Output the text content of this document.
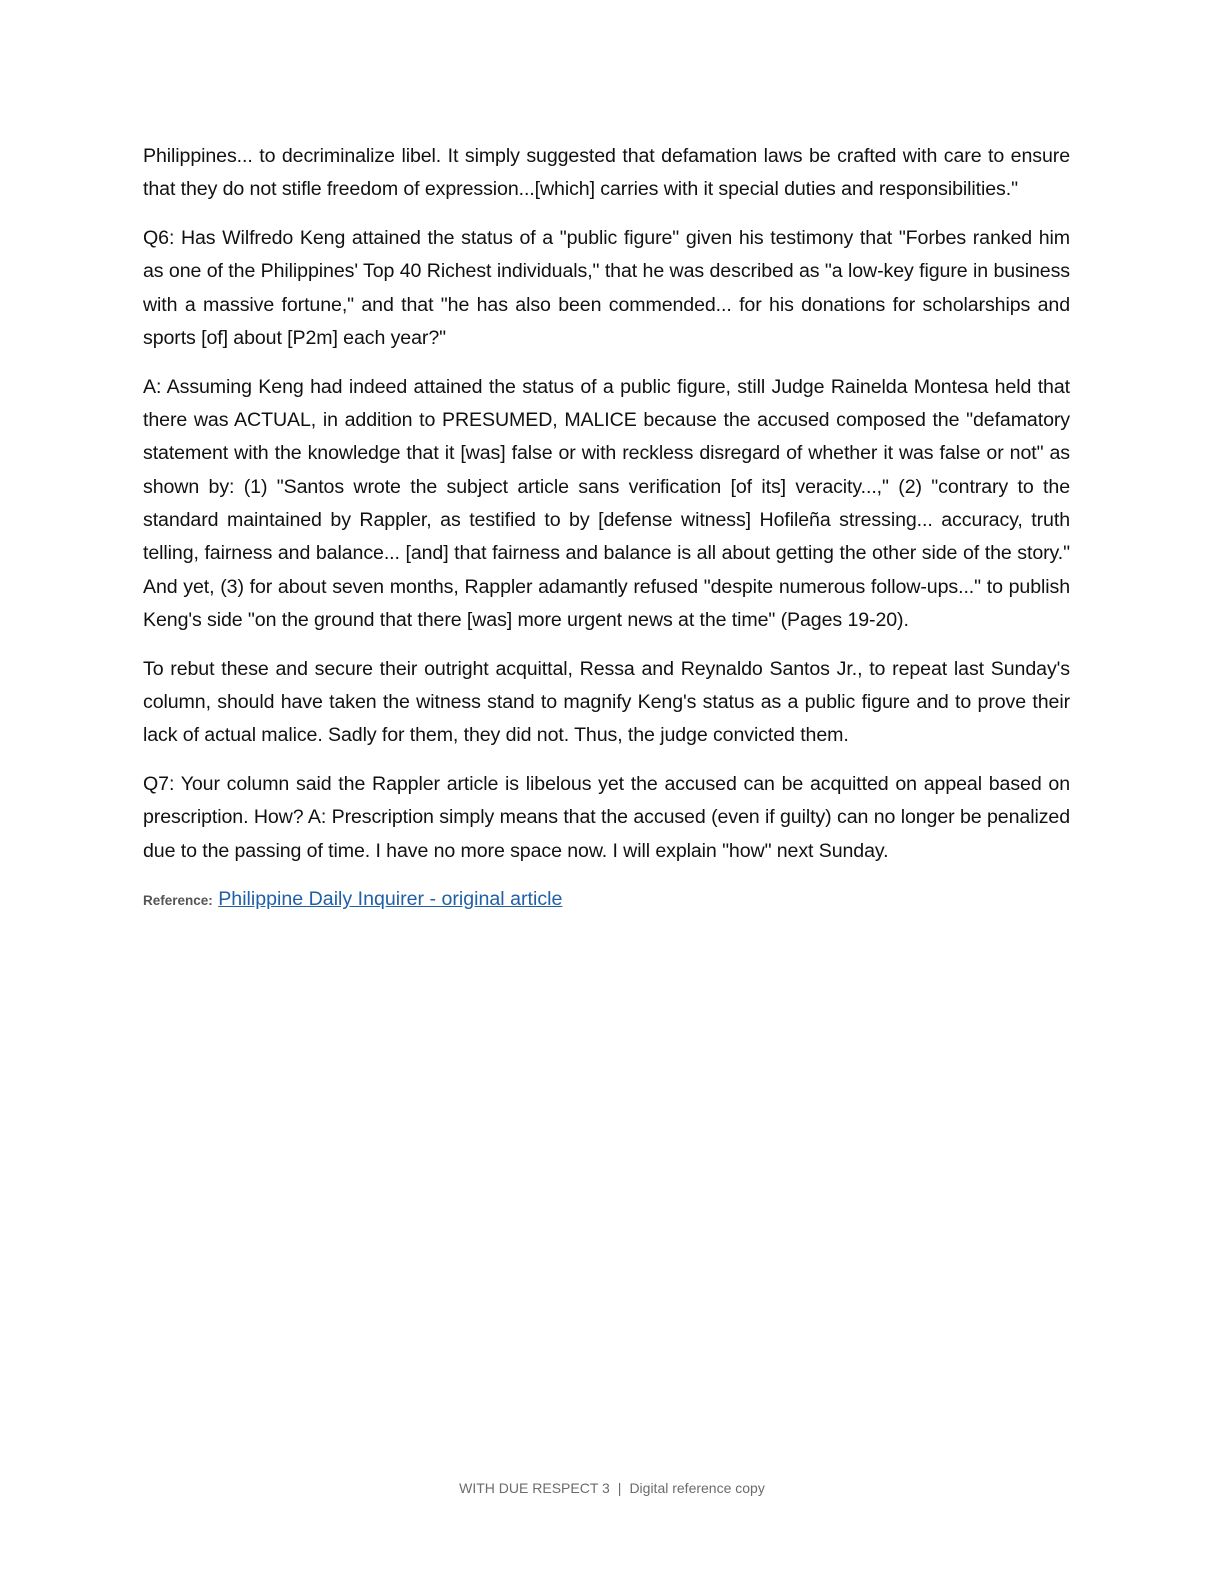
Philippines... to decriminalize libel. It simply suggested that defamation laws be crafted with care to ensure that they do not stifle freedom of expression...[which] carries with it special duties and responsibilities."

Q6: Has Wilfredo Keng attained the status of a "public figure" given his testimony that "Forbes ranked him as one of the Philippines' Top 40 Richest individuals," that he was described as "a low-key figure in business with a massive fortune," and that "he has also been commended... for his donations for scholarships and sports [of] about [P2m] each year?"

A: Assuming Keng had indeed attained the status of a public figure, still Judge Rainelda Montesa held that there was ACTUAL, in addition to PRESUMED, MALICE because the accused composed the "defamatory statement with the knowledge that it [was] false or with reckless disregard of whether it was false or not" as shown by: (1) "Santos wrote the subject article sans verification [of its] veracity...," (2) "contrary to the standard maintained by Rappler, as testified to by [defense witness] Hofileña stressing... accuracy, truth telling, fairness and balance... [and] that fairness and balance is all about getting the other side of the story." And yet, (3) for about seven months, Rappler adamantly refused "despite numerous follow-ups..." to publish Keng's side "on the ground that there [was] more urgent news at the time" (Pages 19-20).

To rebut these and secure their outright acquittal, Ressa and Reynaldo Santos Jr., to repeat last Sunday's column, should have taken the witness stand to magnify Keng's status as a public figure and to prove their lack of actual malice. Sadly for them, they did not. Thus, the judge convicted them.

Q7: Your column said the Rappler article is libelous yet the accused can be acquitted on appeal based on prescription. How? A: Prescription simply means that the accused (even if guilty) can no longer be penalized due to the passing of time. I have no more space now. I will explain "how" next Sunday.

Reference: Philippine Daily Inquirer - original article
WITH DUE RESPECT 3 | Digital reference copy
